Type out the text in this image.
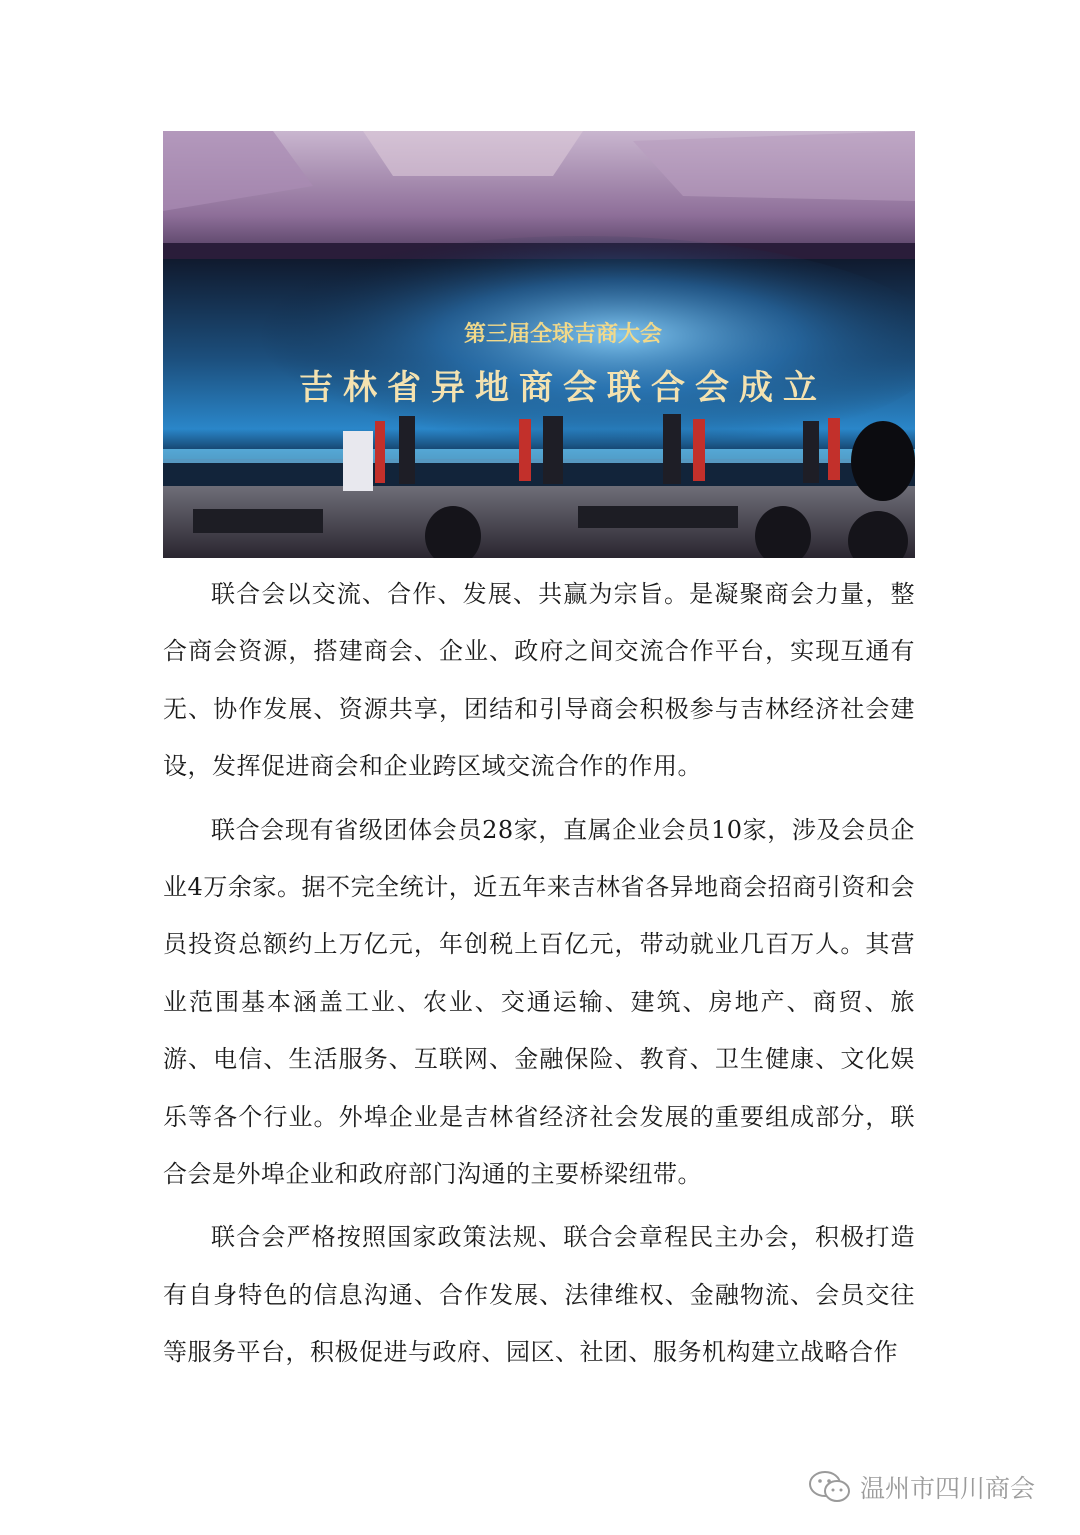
第三届全球吉商大会
吉林省异地商会联合会成立

联合会以交流、合作、发展、共赢为宗旨。是凝聚商会力量，整合商会资源，搭建商会、企业、政府之间交流合作平台，实现互通有无、协作发展、资源共享，团结和引导商会积极参与吉林经济社会建设，发挥促进商会和企业跨区域交流合作的作用。

联合会现有省级团体会员28家，直属企业会员10家，涉及会员企业4万余家。据不完全统计，近五年来吉林省各异地商会招商引资和会员投资总额约上万亿元，年创税上百亿元，带动就业几百万人。其营业范围基本涵盖工业、农业、交通运输、建筑、房地产、商贸、旅游、电信、生活服务、互联网、金融保险、教育、卫生健康、文化娱乐等各个行业。外埠企业是吉林省经济社会发展的重要组成部分，联合会是外埠企业和政府部门沟通的主要桥梁纽带。

联合会严格按照国家政策法规、联合会章程民主办会，积极打造有自身特色的信息沟通、合作发展、法律维权、金融物流、会员交往等服务平台，积极促进与政府、园区、社团、服务机构建立战略合作

温州市四川商会
